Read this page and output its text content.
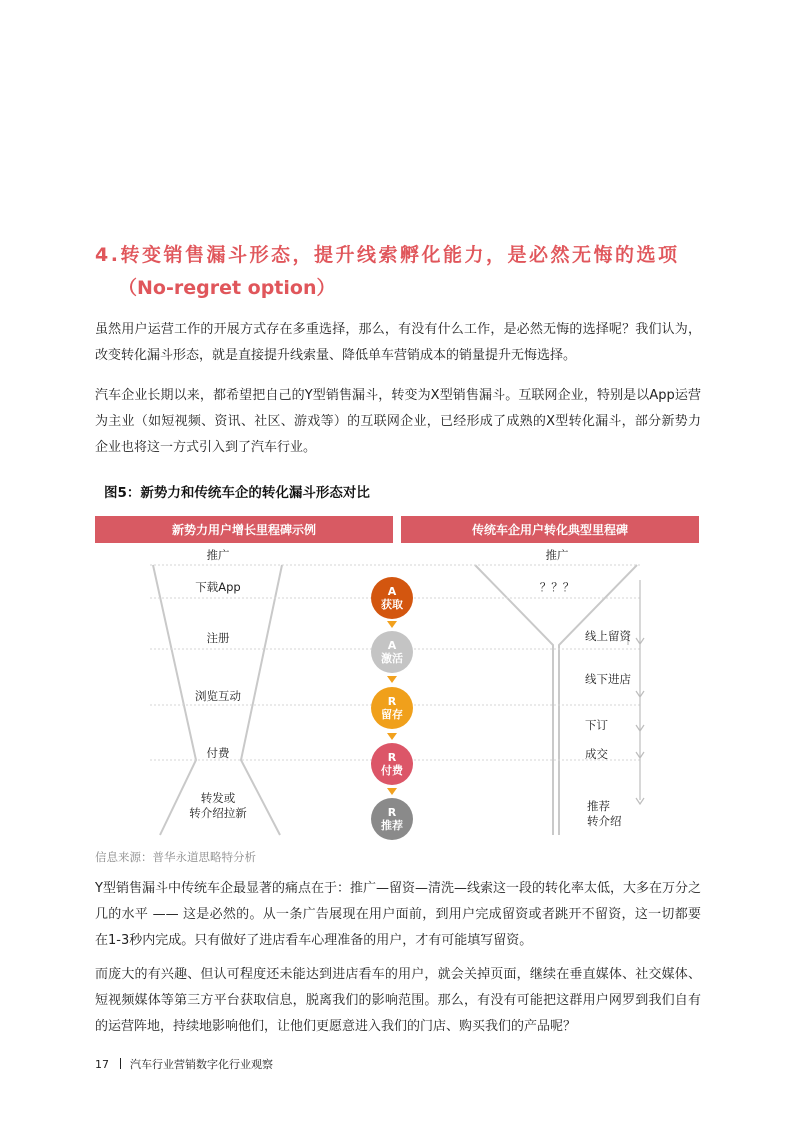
4.转变销售漏斗形态，提升线索孵化能力，是必然无悔的选项
（No-regret option）

虽然用户运营工作的开展方式存在多重选择，那么，有没有什么工作，是必然无悔的选择呢？我们认为，改变转化漏斗形态，就是直接提升线索量、降低单车营销成本的销量提升无悔选择。

汽车企业长期以来，都希望把自己的Y型销售漏斗，转变为X型销售漏斗。互联网企业，特别是以App运营为主业（如短视频、资讯、社区、游戏等）的互联网企业，已经形成了成熟的X型转化漏斗，部分新势力企业也将这一方式引入到了汽车行业。

图5：新势力和传统车企的转化漏斗形态对比
新势力用户增长里程碑示例	传统车企用户转化典型里程碑
推广
下载App
注册
浏览互动
付费
转发或
转介绍拉新
推广
？？？
线上留资
线下进店
下订
成交
推荐
转介绍
A
获取
A
激活
R
留存
R
付费
R
推荐
信息来源：普华永道思略特分析

Y型销售漏斗中传统车企最显著的痛点在于：推广—留资—清洗—线索这一段的转化率太低，大多在万分之几的水平 —— 这是必然的。从一条广告展现在用户面前，到用户完成留资或者跳开不留资，这一切都要在1-3秒内完成。只有做好了进店看车心理准备的用户，才有可能填写留资。

而庞大的有兴趣、但认可程度还未能达到进店看车的用户，就会关掉页面，继续在垂直媒体、社交媒体、短视频媒体等第三方平台获取信息，脱离我们的影响范围。那么，有没有可能把这群用户网罗到我们自有的运营阵地，持续地影响他们，让他们更愿意进入我们的门店、购买我们的产品呢？

17 汽车行业营销数字化行业观察
